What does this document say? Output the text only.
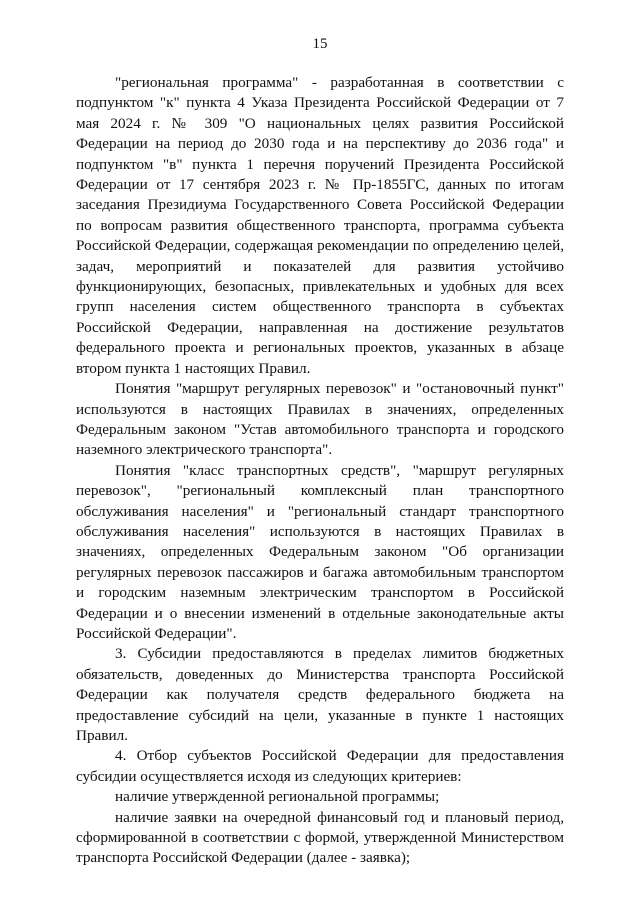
15

"региональная программа" - разработанная в соответствии с подпунктом "к" пункта 4 Указа Президента Российской Федерации от 7 мая 2024 г. № 309 "О национальных целях развития Российской Федерации на период до 2030 года и на перспективу до 2036 года" и подпунктом "в" пункта 1 перечня поручений Президента Российской Федерации от 17 сентября 2023 г. № Пр-1855ГС, данных по итогам заседания Президиума Государственного Совета Российской Федерации по вопросам развития общественного транспорта, программа субъекта Российской Федерации, содержащая рекомендации по определению целей, задач, мероприятий и показателей для развития устойчиво функционирующих, безопасных, привлекательных и удобных для всех групп населения систем общественного транспорта в субъектах Российской Федерации, направленная на достижение результатов федерального проекта и региональных проектов, указанных в абзаце втором пункта 1 настоящих Правил.

Понятия "маршрут регулярных перевозок" и "остановочный пункт" используются в настоящих Правилах в значениях, определенных Федеральным законом "Устав автомобильного транспорта и городского наземного электрического транспорта".

Понятия "класс транспортных средств", "маршрут регулярных перевозок", "региональный комплексный план транспортного обслуживания населения" и "региональный стандарт транспортного обслуживания населения" используются в настоящих Правилах в значениях, определенных Федеральным законом "Об организации регулярных перевозок пассажиров и багажа автомобильным транспортом и городским наземным электрическим транспортом в Российской Федерации и о внесении изменений в отдельные законодательные акты Российской Федерации".

3. Субсидии предоставляются в пределах лимитов бюджетных обязательств, доведенных до Министерства транспорта Российской Федерации как получателя средств федерального бюджета на предоставление субсидий на цели, указанные в пункте 1 настоящих Правил.

4. Отбор субъектов Российской Федерации для предоставления субсидии осуществляется исходя из следующих критериев:

наличие утвержденной региональной программы;

наличие заявки на очередной финансовый год и плановый период, сформированной в соответствии с формой, утвержденной Министерством транспорта Российской Федерации (далее - заявка);
